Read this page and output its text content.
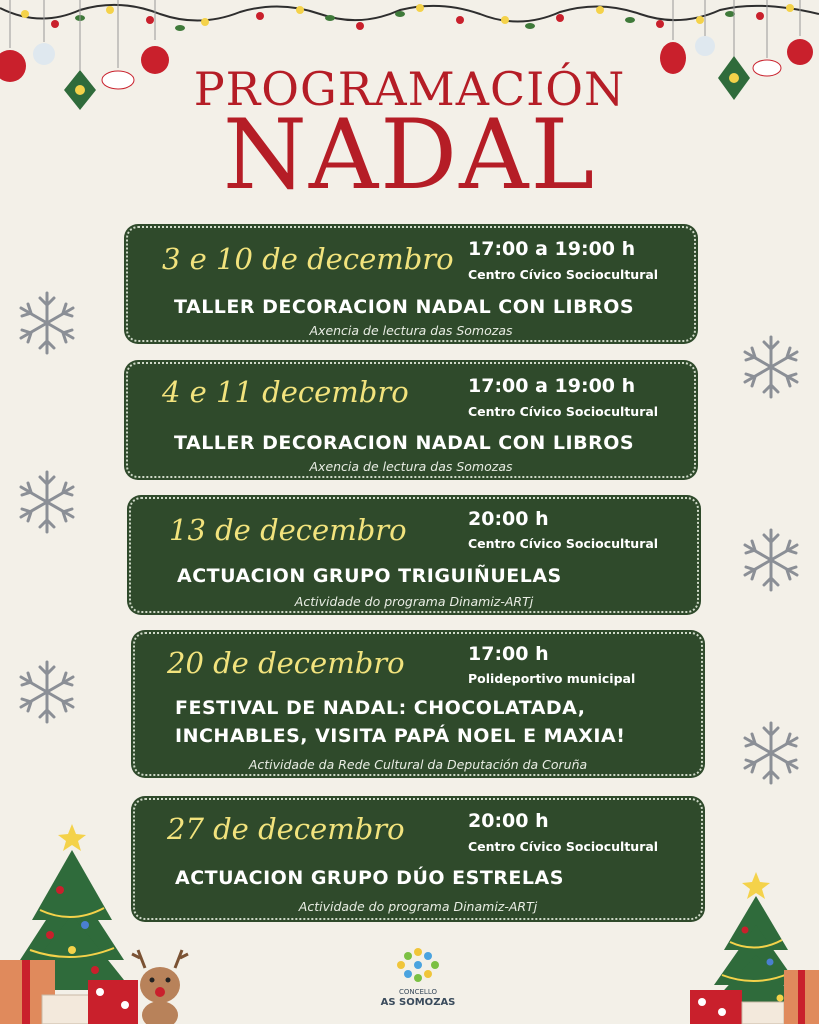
PROGRAMACIÓN
NADAL
3 e 10 de decembro 17:00 a 19:00 h
Centro Cívico Sociocultural
TALLER DECORACION NADAL CON LIBROS
Axencia de lectura das Somozas
4 e 11 decembro	17:00 a 19:00 h
Centro Cívico Sociocultural
TALLER DECORACION NADAL CON LIBROS
Axencia de lectura das Somozas
13 de decembro	20:00 h
Centro Cívico Sociocultural
ACTUACION GRUPO TRIGUIÑUELAS
Actividade do programa Dinamiz-ARTj
20 de decembro	17:00 h
Polideportivo municipal
FESTIVAL DE NADAL: CHOCOLATADA,
INCHABLES, VISITA PAPÁ NOEL E MAXIA!
Actividade da Rede Cultural da Deputación da Coruña
27 de decembro	20:00 h
Centro Cívico Sociocultural
ACTUACION GRUPO DÚO ESTRELAS
Actividade do programa Dinamiz-ARTj
CONCELLO
AS SOMOZAS
